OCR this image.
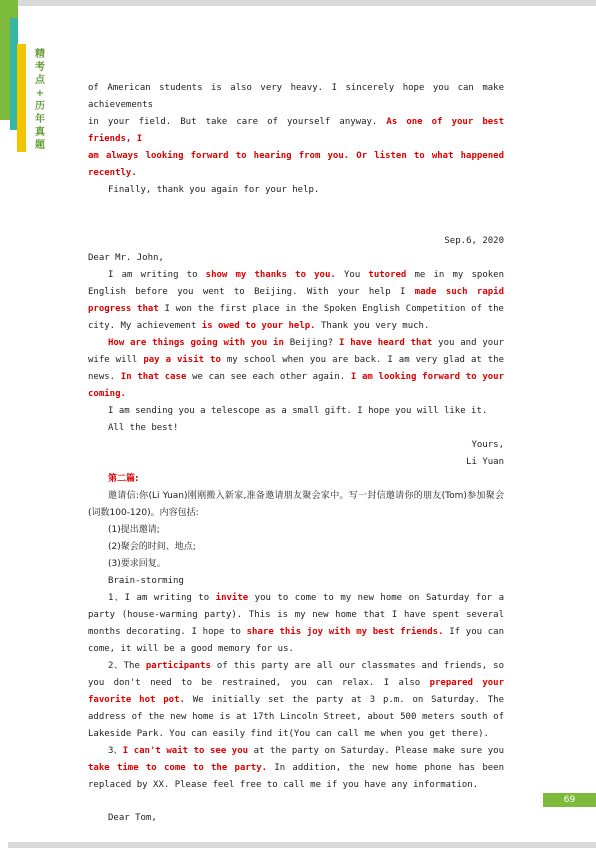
精
考
点
+
历
年
真
题

of American students is also very heavy. I sincerely hope you can make achievements

in your field. But take care of yourself anyway. As one of your best friends, I

am always looking forward to hearing from you. Or listen to what happened recently.

Finally, thank you again for your help.

Sep.6, 2020

Dear Mr. John,

I am writing to show my thanks to you. You tutored me in my spoken English before you went to Beijing. With your help I made such rapid progress that I won the first place in the Spoken English Competition of the city. My achievement is owed to your help. Thank you very much.

How are things going with you in Beijing? I have heard that you and your wife will pay a visit to my school when you are back. I am very glad at the news. In that case we can see each other again. I am looking forward to your coming.

I am sending you a telescope as a small gift. I hope you will like it.

All the best!

Yours,

Li Yuan

第二篇:

邀请信:你(Li Yuan)刚刚搬入新家,准备邀请朋友聚会家中。写一封信邀请你的朋友(Tom)参加聚会(词数100-120)。内容包括:

(1)提出邀请;

(2)聚会的时间、地点;

(3)要求回复。

Brain-storming

1、I am writing to invite you to come to my new home on Saturday for a party (house-warming party). This is my new home that I have spent several months decorating. I hope to share this joy with my best friends. If you can come, it will be a good memory for us.

2、The participants of this party are all our classmates and friends, so you don't need to be restrained, you can relax. I also prepared your favorite hot pot. We initially set the party at 3 p.m. on Saturday. The address of the new home is at 17th Lincoln Street, about 500 meters south of Lakeside Park. You can easily find it(You can call me when you get there).

3、I can't wait to see you at the party on Saturday. Please make sure you take time to come to the party. In addition, the new home phone has been replaced by XX. Please feel free to call me if you have any information.

Dear Tom,

69
